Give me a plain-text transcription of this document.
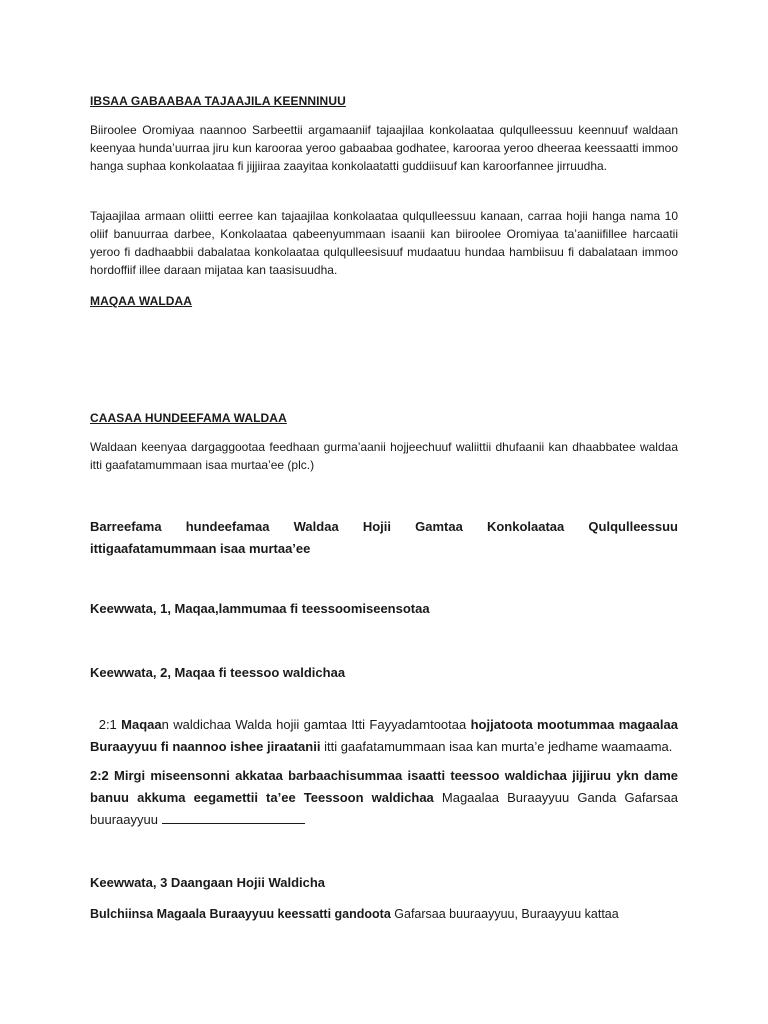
IBSAA GABAABAA TAJAAJILA KEENNINUU
Biiroolee Oromiyaa naannoo Sarbeettii argamaaniif tajaajilaa konkolaataa qulqulleessuu keennuuf waldaan keenyaa hunda’uurraa jiru kun karooraa yeroo gabaabaa godhatee, karooraa yeroo dheeraa keessaatti immoo hanga suphaa konkolaataa fi jijjiiraa zaayitaa konkolaatatti guddiisuuf kan karoorfannee jirruudha.
Tajaajilaa armaan oliitti eerree kan tajaajilaa konkolaataa qulqulleessuu kanaan, carraa hojii hanga nama 10 oliif banuurraa darbee, Konkolaataa qabeenyummaan isaanii kan biiroolee Oromiyaa ta’aaniifillee harcaatii yeroo fi dadhaabbii dabalataa konkolaataa qulqulleesisuuf mudaatuu hundaa hambiisuu fi dabalataan immoo hordoffiif illee daraan mijataa kan taasisuudha.
MAQAA WALDAA
CAASAA HUNDEEFAMA WALDAA
Waldaan keenyaa dargaggootaa feedhaan gurma’aanii hojjeechuuf waliittii dhufaanii kan dhaabbatee waldaa itti gaafatamummaan isaa murtaa’ee (plc.)
Barreefama hundeefamaa Waldaa Hojii Gamtaa Konkolaataa Qulqulleessuu
ittigaafatamummaan isaa murtaa’ee
Keewwata, 1, Maqaa,lammumaa fi teessoomiseensotaa
Keewwata, 2, Maqaa fi teessoo waldichaa
2:1 Maqaan waldichaa Walda hojii gamtaa Itti Fayyadamtootaa hojjatoota mootummaa magaalaa Buraayyuu fi naannoo ishee jiraatanii itti gaafatamummaan isaa kan murta’e jedhame waamaama.
2:2 Mirgi miseensonni akkataa barbaachisummaa isaatti teessoo waldichaa jijjiruu ykn dame banuu akkuma eegamettii ta’ee Teessoon waldichaa Magaalaa Buraayyuu Ganda Gafarsaa buuraayyuu
Keewwata, 3 Daangaan Hojii Waldicha
Bulchiinsa Magaala Buraayyuu keessatti gandoota Gafarsaa buuraayyuu, Buraayyuu kattaa
